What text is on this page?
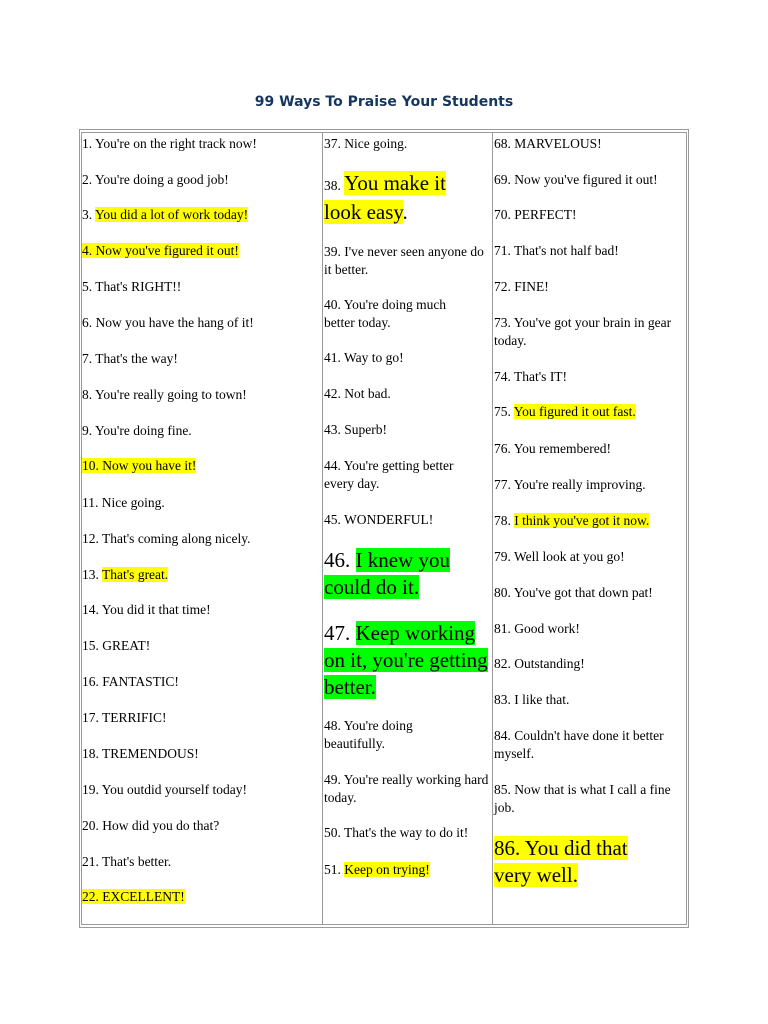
99 Ways To Praise Your Students

1. You're on the right track now!

2. You're doing a good job!

3. You did a lot of work today!

4. Now you've figured it out!

5. That's RIGHT!!

6. Now you have the hang of it!

7. That's the way!

8. You're really going to town!

9. You're doing fine.

10. Now you have it!

11. Nice going.

12. That's coming along nicely.

13. That's great.

14. You did it that time!

15. GREAT!

16. FANTASTIC!

17. TERRIFIC!

18. TREMENDOUS!

19. You outdid yourself today!

20. How did you do that?

21. That's better.

22. EXCELLENT!

37. Nice going.

38. You make it look easy.

39. I've never seen anyone do it better.

40. You're doing much better today.

41. Way to go!

42. Not bad.

43. Superb!

44. You're getting better every day.

45. WONDERFUL!

46. I knew you could do it.

47. Keep working on it, you're getting better.

48. You're doing beautifully.

49. You're really working hard today.

50. That's the way to do it!

51. Keep on trying!

68. MARVELOUS!

69. Now you've figured it out!

70. PERFECT!

71. That's not half bad!

72. FINE!

73. You've got your brain in gear today.

74. That's IT!

75. You figured it out fast.

76. You remembered!

77. You're really improving.

78. I think you've got it now.

79. Well look at you go!

80. You've got that down pat!

81. Good work!

82. Outstanding!

83. I like that.

84. Couldn't have done it better myself.

85. Now that is what I call a fine job.

86. You did that very well.
